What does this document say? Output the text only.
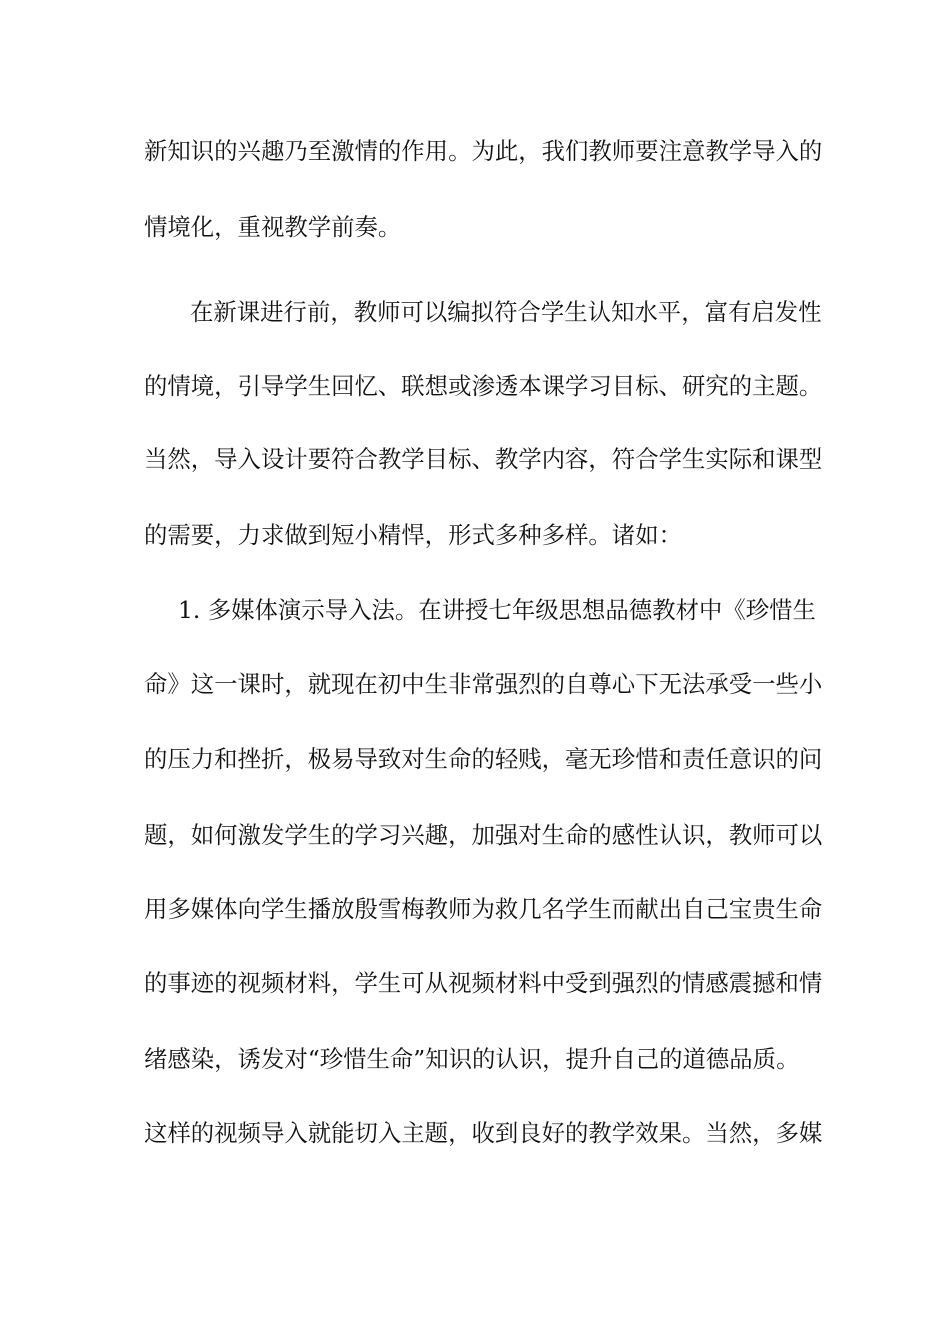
新知识的兴趣乃至激情的作用。为此，我们教师要注意教学导入的
情境化，重视教学前奏。
在新课进行前，教师可以编拟符合学生认知水平，富有启发性
的情境，引导学生回忆、联想或渗透本课学习目标、研究的主题。
当然，导入设计要符合教学目标、教学内容，符合学生实际和课型
的需要，力求做到短小精悍，形式多种多样。诸如：
1. 多媒体演示导入法。在讲授七年级思想品德教材中《珍惜生
命》这一课时，就现在初中生非常强烈的自尊心下无法承受一些小
的压力和挫折，极易导致对生命的轻贱，毫无珍惜和责任意识的问
题，如何激发学生的学习兴趣，加强对生命的感性认识，教师可以
用多媒体向学生播放殷雪梅教师为救几名学生而献出自己宝贵生命
的事迹的视频材料，学生可从视频材料中受到强烈的情感震撼和情
绪感染，诱发对“珍惜生命”知识的认识，提升自己的道德品质。
这样的视频导入就能切入主题，收到良好的教学效果。当然，多媒
